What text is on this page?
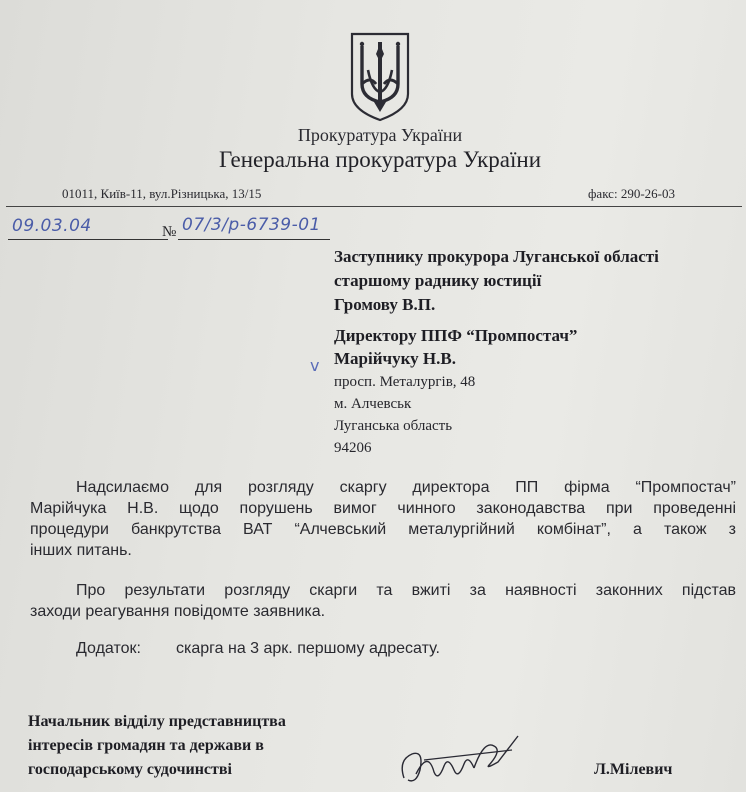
Прокуратура України
Генеральна прокуратура України
01011, Київ-11, вул.Різницька, 13/15	факс: 290-26-03
09.03.04	№ 07/3/р-6739-01
Заступнику прокурора Луганської області
старшому раднику юстиції
Громову В.П.
Директору ППФ “Промпостач”
Марійчуку Н.В.
v
просп. Металургів, 48
м. Алчевськ
Луганська область
94206
Надсилаємо для розгляду скаргу директора ПП фірма “Промпостач”
Марійчука Н.В. щодо порушень вимог чинного законодавства при проведенні
процедури банкрутства ВАТ “Алчевський металургійний комбінат”, а також з
інших питань.
Про результати розгляду скарги та вжиті за наявності законних підстав
заходи реагування повідомте заявника.
Додаток:	скарга на 3 арк. першому адресату.
Начальник відділу представництва
інтересів громадян та держави в
господарському судочинстві	Л.Мілевич
